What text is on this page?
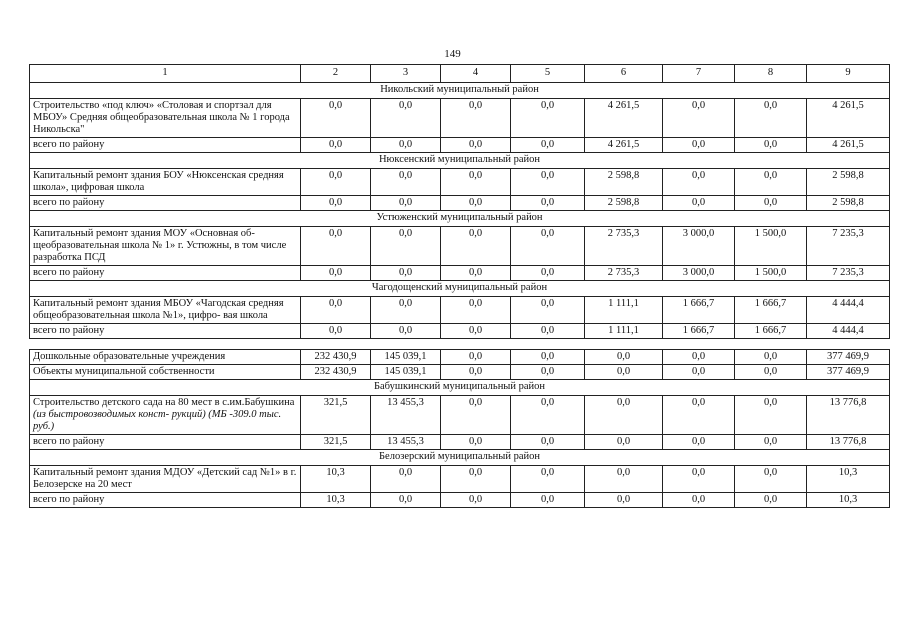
149
1	2	3	4	5	6	7	8	9
Никольский муниципальный район								
Строительство «под ключ» «Столовая и спортзал для МБОУ» Средняя общеобразовательная школа № 1 города Никольска"	0,0	0,0	0,0	0,0	4 261,5	0,0	0,0	4 261,5
всего по району	0,0	0,0	0,0	0,0	4 261,5	0,0	0,0	4 261,5
Нюксенский муниципальный район								
Капитальный ремонт здания БОУ «Нюксенская средняя школа», цифровая школа	0,0	0,0	0,0	0,0	2 598,8	0,0	0,0	2 598,8
всего по району	0,0	0,0	0,0	0,0	2 598,8	0,0	0,0	2 598,8
Устюженский муниципальный район								
Капитальный ремонт здания МОУ «Основная об- щеобразовательная школа № 1» г. Устюжны, в том числе разработка ПСД	0,0	0,0	0,0	0,0	2 735,3	3 000,0	1 500,0	7 235,3
всего по району	0,0	0,0	0,0	0,0	2 735,3	3 000,0	1 500,0	7 235,3
Чагодощенский муниципальный район								
Капитальный ремонт здания МБОУ «Чагодская средняя общеобразовательная школа №1», цифро- вая школа	0,0	0,0	0,0	0,0	1 111,1	1 666,7	1 666,7	4 444,4
всего по району	0,0	0,0	0,0	0,0	1 111,1	1 666,7	1 666,7	4 444,4

Дошкольные образовательные учреждения	232 430,9	145 039,1	0,0	0,0	0,0	0,0	0,0	377 469,9
Объекты муниципальной собственности	232 430,9	145 039,1	0,0	0,0	0,0	0,0	0,0	377 469,9
Бабушкинский муниципальный район								
Строительство детского сада на 80 мест в с.им.Бабушкина (из быстровозводимых конст- рукций) (МБ -309.0 тыс. руб.)	321,5	13 455,3	0,0	0,0	0,0	0,0	0,0	13 776,8
всего по району	321,5	13 455,3	0,0	0,0	0,0	0,0	0,0	13 776,8
Белозерский муниципальный район								
Капитальный ремонт здания МДОУ «Детский сад №1» в г. Белозерске на 20 мест	10,3	0,0	0,0	0,0	0,0	0,0	0,0	10,3
всего по району	10,3	0,0	0,0	0,0	0,0	0,0	0,0	10,3
